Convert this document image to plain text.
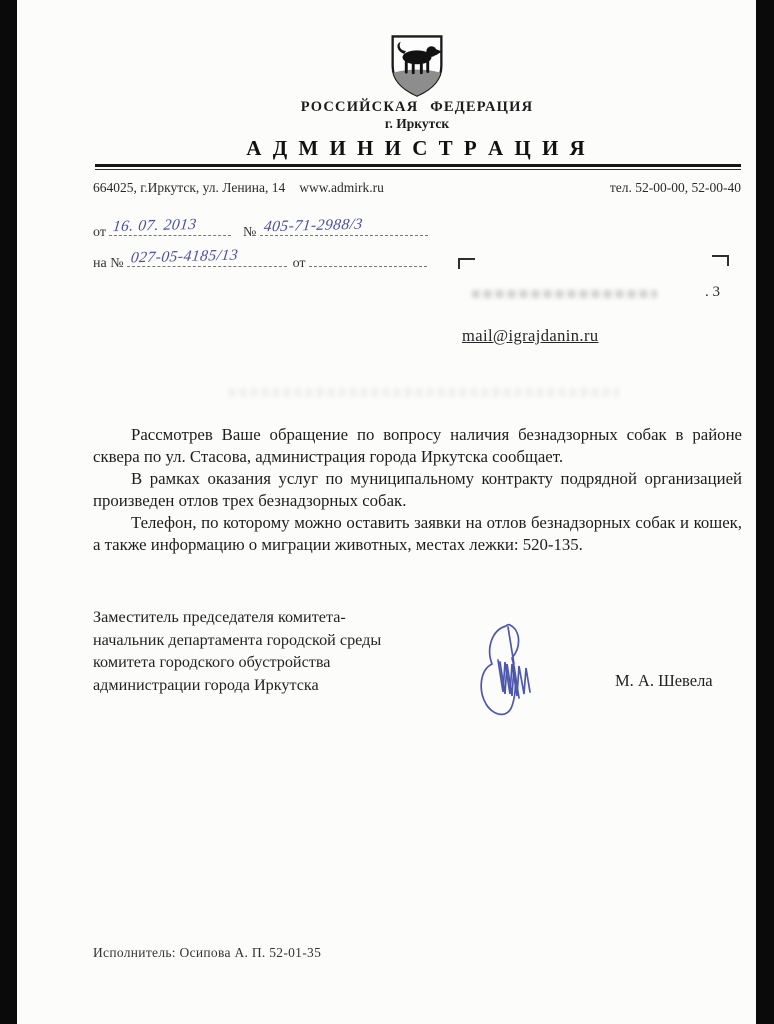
РОССИЙСКАЯ ФЕДЕРАЦИЯ
г. Иркутск
А Д М И Н И С Т Р А Ц И Я
664025, г.Иркутск, ул. Ленина, 14 www.admirk.ru	тел. 52-00-00, 52-00-40
от 16. 07. 2013	№ 405-71-2988/3
на № 027-05-4185/13	от
. 3
mail@igrajdanin.ru

Рассмотрев Ваше обращение по вопросу наличия безнадзорных собак в районе сквера по ул. Стасова, администрация города Иркутска сообщает.

В рамках оказания услуг по муниципальному контракту подрядной организацией произведен отлов трех безнадзорных собак.

Телефон, по которому можно оставить заявки на отлов безнадзорных собак и кошек, а также информацию о миграции животных, местах лежки: 520-135.

Заместитель председателя комитета-
начальник департамента городской среды
комитета городского обустройства
администрации города Иркутска	М. А. Шевела
Исполнитель: Осипова А. П. 52-01-35
